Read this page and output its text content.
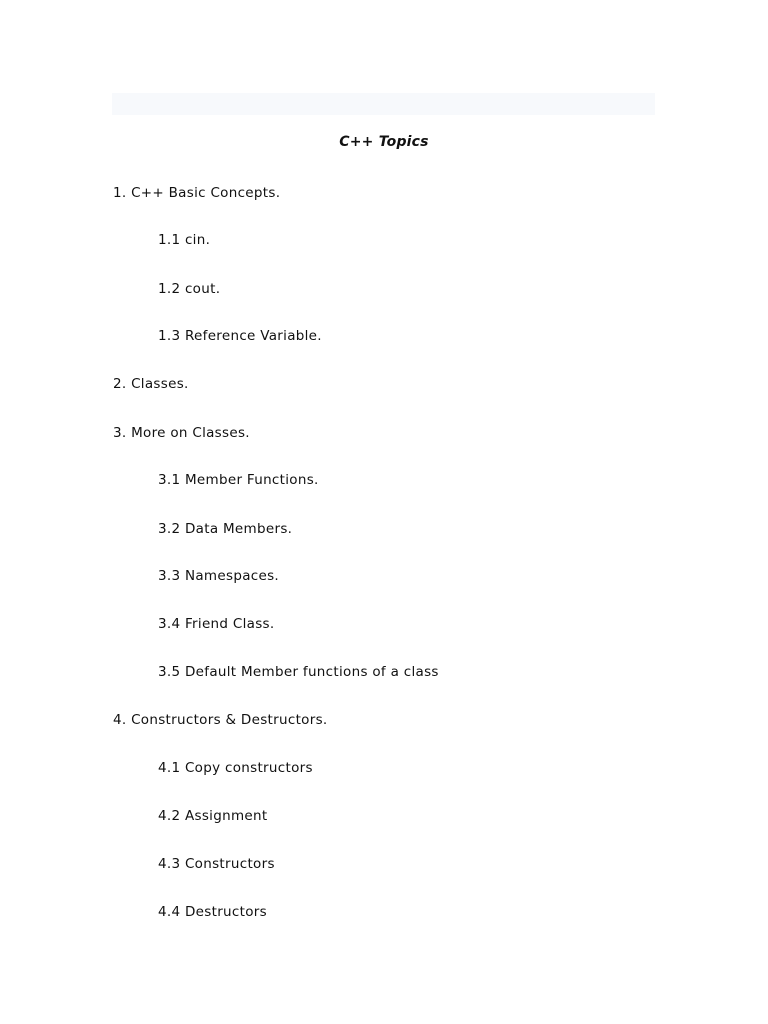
C++ Topics
1. C++ Basic Concepts.
1.1 cin.
1.2 cout.
1.3 Reference Variable.
2. Classes.
3. More on Classes.
3.1 Member Functions.
3.2 Data Members.
3.3 Namespaces.
3.4 Friend Class.
3.5 Default Member functions of a class
4. Constructors & Destructors.
4.1 Copy constructors
4.2 Assignment
4.3 Constructors
4.4 Destructors
